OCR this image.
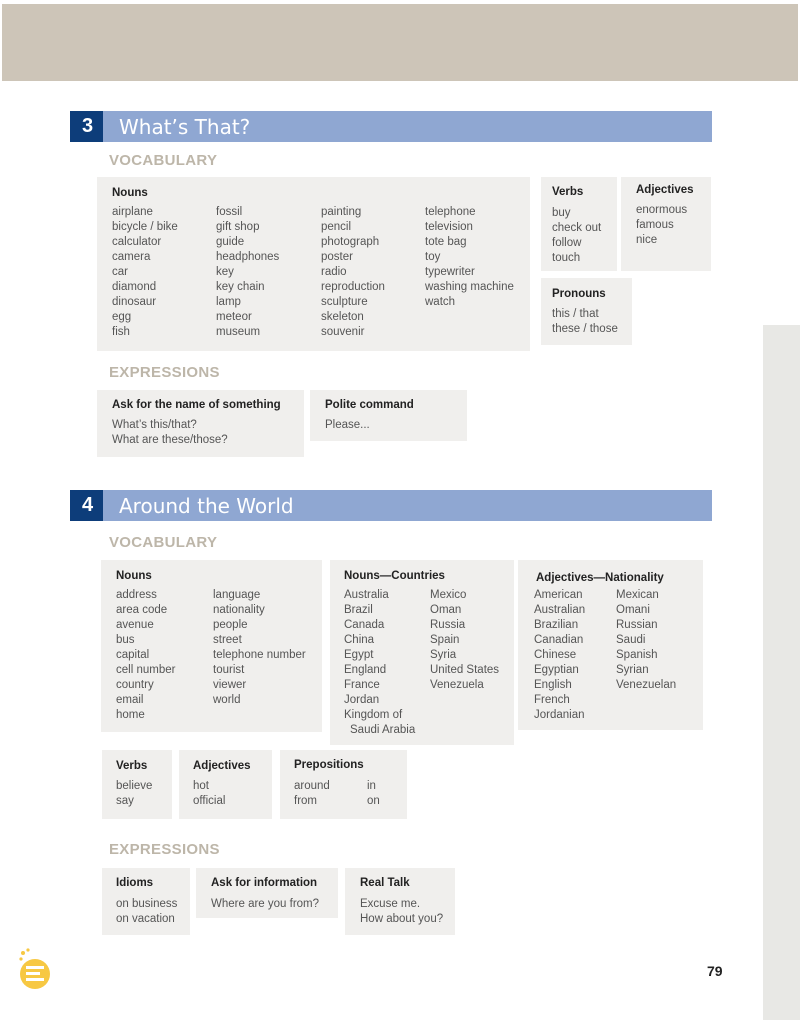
3	What’s That?
VOCABULARY
Nouns
airplane
bicycle / bike
calculator
camera
car
diamond
dinosaur
egg
fish
fossil
gift shop
guide
headphones
key
key chain
lamp
meteor
museum
painting
pencil
photograph
poster
radio
reproduction
sculpture
skeleton
souvenir
telephone
television
tote bag
toy
typewriter
washing machine
watch
Verbs
buy
check out
follow
touch
Adjectives
enormous
famous
nice
Pronouns
this / that
these / those
EXPRESSIONS
Ask for the name of something
What’s this/that?
What are these/those?
Polite command
Please...
4	Around the World
VOCABULARY
Nouns
address
area code
avenue
bus
capital
cell number
country
email
home
language
nationality
people
street
telephone number
tourist
viewer
world
Nouns—Countries
Australia
Brazil
Canada
China
Egypt
England
France
Jordan
Kingdom of
Saudi Arabia
Mexico
Oman
Russia
Spain
Syria
United States
Venezuela
Adjectives—Nationality
American
Australian
Brazilian
Canadian
Chinese
Egyptian
English
French
Jordanian
Mexican
Omani
Russian
Saudi
Spanish
Syrian
Venezuelan
Verbs
believe
say
Adjectives
hot
official
Prepositions
around
from
in
on
EXPRESSIONS
Idioms
on business
on vacation
Ask for information
Where are you from?
Real Talk
Excuse me.
How about you?
79
